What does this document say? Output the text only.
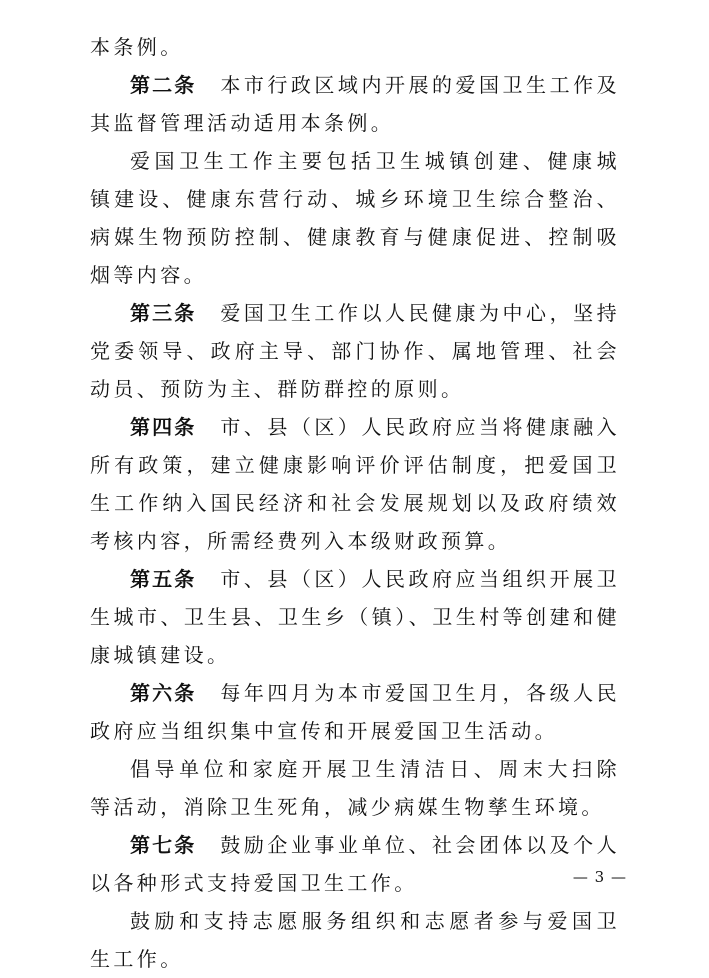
本条例。

第二条 本市行政区域内开展的爱国卫生工作及其监督管理活动适用本条例。

爱国卫生工作主要包括卫生城镇创建、健康城镇建设、健康东营行动、城乡环境卫生综合整治、病媒生物预防控制、健康教育与健康促进、控制吸烟等内容。

第三条 爱国卫生工作以人民健康为中心，坚持党委领导、政府主导、部门协作、属地管理、社会动员、预防为主、群防群控的原则。

第四条 市、县（区）人民政府应当将健康融入所有政策，建立健康影响评价评估制度，把爱国卫生工作纳入国民经济和社会发展规划以及政府绩效考核内容，所需经费列入本级财政预算。

第五条 市、县（区）人民政府应当组织开展卫生城市、卫生县、卫生乡（镇）、卫生村等创建和健康城镇建设。

第六条 每年四月为本市爱国卫生月，各级人民政府应当组织集中宣传和开展爱国卫生活动。

倡导单位和家庭开展卫生清洁日、周末大扫除等活动，消除卫生死角，减少病媒生物孳生环境。

第七条 鼓励企业事业单位、社会团体以及个人以各种形式支持爱国卫生工作。

鼓励和支持志愿服务组织和志愿者参与爱国卫生工作。

— 3 —
